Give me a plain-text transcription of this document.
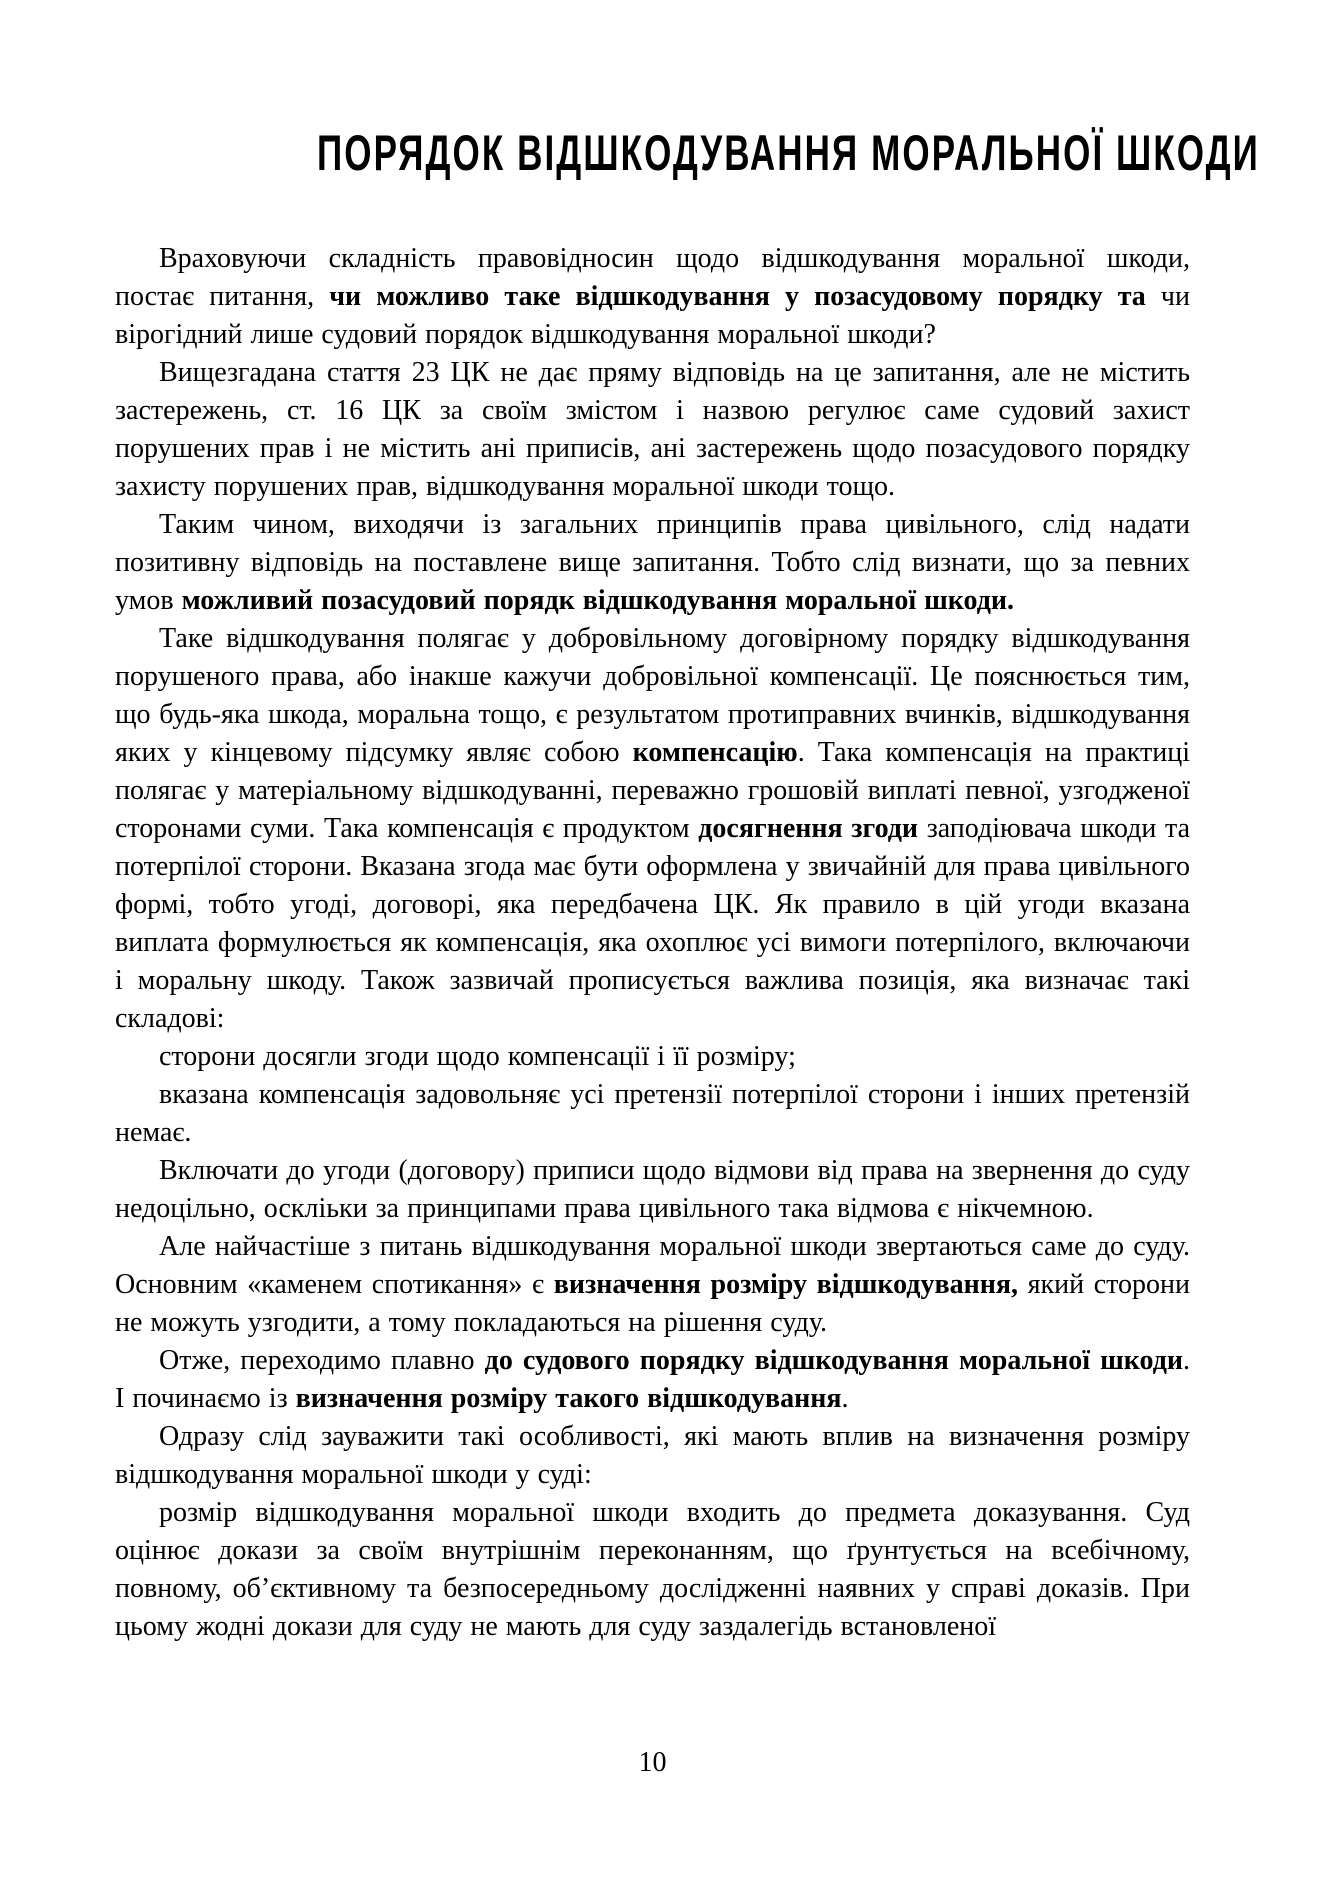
ПОРЯДОК ВІДШКОДУВАННЯ МОРАЛЬНОЇ ШКОДИ

Враховуючи складність правовідносин щодо відшкодування моральної шкоди, постає питання, чи можливо таке відшкодування у позасудовому порядку та чи вірогідний лише судовий порядок відшкодування моральної шкоди?

Вищезгадана стаття 23 ЦК не дає пряму відповідь на це запитання, але не містить застережень, ст. 16 ЦК за своїм змістом і назвою регулює саме судовий захист порушених прав і не містить ані приписів, ані застережень щодо позасудового порядку захисту порушених прав, відшкодування моральної шкоди тощо.

Таким чином, виходячи із загальних принципів права цивільного, слід надати позитивну відповідь на поставлене вище запитання. Тобто слід визнати, що за певних умов можливий позасудовий порядк відшкодування моральної шкоди.

Таке відшкодування полягає у добровільному договірному порядку відшкодування порушеного права, або інакше кажучи добровільної компенсації. Це пояснюється тим, що будь-яка шкода, моральна тощо, є результатом протиправних вчинків, відшкодування яких у кінцевому підсумку являє собою компенсацію. Така компенсація на практиці полягає у матеріальному відшкодуванні, переважно грошовій виплаті певної, узгодженої сторонами суми. Така компенсація є продуктом досягнення згоди заподіювача шкоди та потерпілої сторони. Вказана згода має бути оформлена у звичайній для права цивільного формі, тобто угоді, договорі, яка передбачена ЦК. Як правило в цій угоди вказана виплата формулюється як компенсація, яка охоплює усі вимоги потерпілого, включаючи і моральну шкоду. Також зазвичай прописується важлива позиція, яка визначає такі складові:

сторони досягли згоди щодо компенсації і її розміру;

вказана компенсація задовольняє усі претензії потерпілої сторони і інших претензій немає.

Включати до угоди (договору) приписи щодо відмови від права на звернення до суду недоцільно, оскліьки за принципами права цивільного така відмова є нікчемною.

Але найчастіше з питань відшкодування моральної шкоди звертаються саме до суду. Основним «каменем спотикання» є визначення розміру відшкодування, який сторони не можуть узгодити, а тому покладаються на рішення суду.

Отже, переходимо плавно до судового порядку відшкодування моральної шкоди. І починаємо із визначення розміру такого відшкодування.

Одразу слід зауважити такі особливості, які мають вплив на визначення розміру відшкодування моральної шкоди у суді:

розмір відшкодування моральної шкоди входить до предмета доказування. Суд оцінює докази за своїм внутрішнім переконанням, що ґрунтується на всебічному, повному, об’єктивному та безпосередньому дослідженні наявних у справі доказів. При цьому жодні докази для суду не мають для суду заздалегідь встановленої

10
